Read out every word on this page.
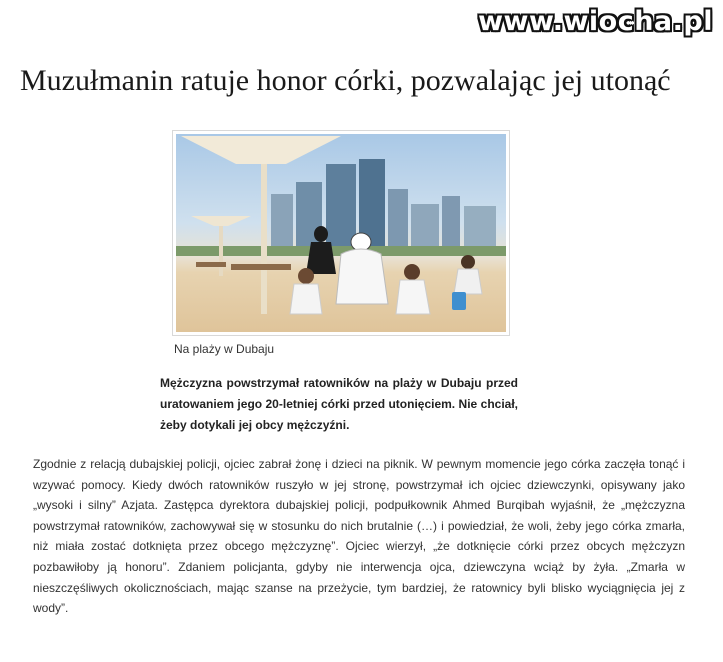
www.wiocha.pl
Muzułmanin ratuje honor córki, pozwalając jej utonąć
Na plaży w Dubaju

Mężczyzna powstrzymał ratowników na plaży w Dubaju przed uratowaniem jego 20-letniej córki przed utonięciem. Nie chciał, żeby dotykali jej obcy mężczyźni.

Zgodnie z relacją dubajskiej policji, ojciec zabrał żonę i dzieci na piknik. W pewnym momencie jego córka zaczęła tonąć i wzywać pomocy. Kiedy dwóch ratowników ruszyło w jej stronę, powstrzymał ich ojciec dziewczynki, opisywany jako „wysoki i silny” Azjata. Zastępca dyrektora dubajskiej policji, podpułkownik Ahmed Burqibah wyjaśnił, że „mężczyzna powstrzymał ratowników, zachowywał się w stosunku do nich brutalnie (…) i powiedział, że woli, żeby jego córka zmarła, niż miała zostać dotknięta przez obcego mężczyznę”. Ojciec wierzył, „że dotknięcie córki przez obcych mężczyzn pozbawiłoby ją honoru”. Zdaniem policjanta, gdyby nie interwencja ojca, dziewczyna wciąż by żyła. „Zmarła w nieszczęśliwych okolicznościach, mając szanse na przeżycie, tym bardziej, że ratownicy byli blisko wyciągnięcia jej z wody”.
